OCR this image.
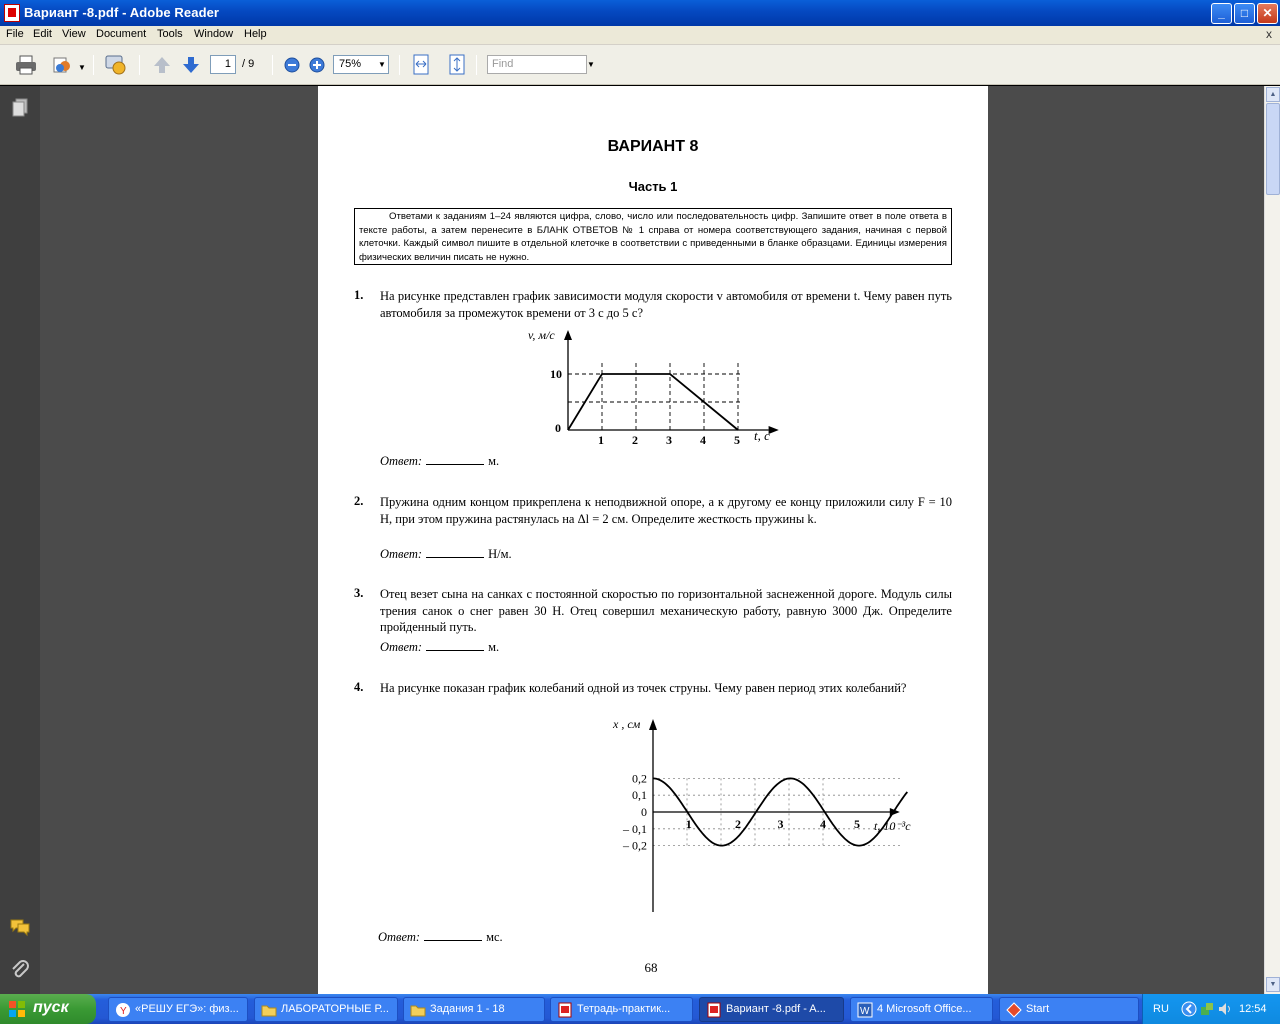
Вариант -8.pdf - Adobe Reader	_	□	✕
File Edit View Document Tools Window Help	x
▼	1	/ 9	75% ▼	Find	▼
ВАРИАНТ 8
Часть 1
Ответами к заданиям 1–24 являются цифра, слово, число или последовательность цифр. Запишите ответ в поле ответа в тексте работы, а затем перенесите в БЛАНК ОТВЕТОВ № 1 справа от номера соответствующего задания, начиная с первой клеточки. Каждый символ пишите в отдельной клеточке в соответствии с приведенными в бланке образцами. Единицы измерения физических величин писать не нужно.
1. На рисунке представлен график зависимости модуля скорости v автомобиля от времени t. Чему равен путь автомобиля за промежуток времени от 3 с до 5 с?
1 2 3 4 5
0
10
v, м/с
t, с
Ответ:	м.
2. Пружина одним концом прикреплена к неподвижной опоре, а к другому ее концу приложили силу F = 10 Н, при этом пружина растянулась на Δl = 2 см. Определите жесткость пружины k.
Ответ:	Н/м.
3. Отец везет сына на санках с постоянной скоростью по горизонтальной заснеженной дороге. Модуль силы трения санок о снег равен 30 Н. Отец совершил механическую работу, равную 3000 Дж. Определите пройденный путь.
Ответ:	м.
4. На рисунке показан график колебаний одной из точек струны. Чему равен период этих колебаний?
1	2	3	4 5
0,2
0,1
0
– 0,1
– 0,2
x , см
t, 10⁻³с
Ответ:	мс.
68
▲
▼
пуск	Y «РЕШУ ЕГЭ»: физ...	ЛАБОРАТОРНЫЕ Р...	Задания 1 - 18	Тетрадь-практик...	Вариант -8.pdf - A...	W 4 Microsoft Office...	Start	RU	12:54
